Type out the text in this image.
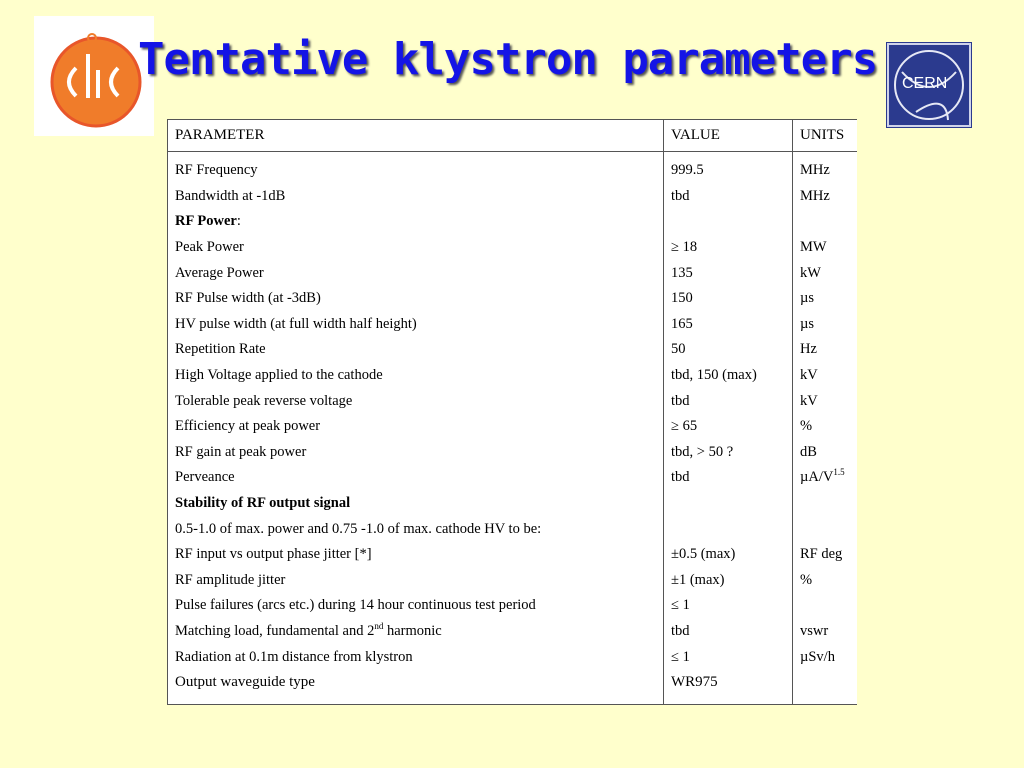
Tentative klystron parameters CERN
PARAMETER	VALUE	UNITS
RF Frequency	999.5	MHz
Bandwidth at -1dB	tbd	MHz
RF Power:		
Peak Power	≥ 18	MW
Average Power	135	kW
RF Pulse width (at -3dB)	150	µs
HV pulse width (at full width half height)	165	µs
Repetition Rate	50	Hz
High Voltage applied to the cathode	tbd, 150 (max)	kV
Tolerable peak reverse voltage	tbd	kV
Efficiency at peak power	≥ 65	%
RF gain at peak power	tbd, > 50 ?	dB
Perveance	tbd	$\mu A/V^{1.5}$
Stability of RF output signal		
0.5-1.0 of max. power and 0.75 -1.0 of max. cathode HV to be:		
RF input vs output phase jitter [*]	±0.5 (max)	RF deg
RF amplitude jitter	±1 (max)	%
Pulse failures (arcs etc.) during 14 hour continuous test period	≤ 1	
Matching load, fundamental and 2nd harmonic	tbd	vswr
Radiation at 0.1m distance from klystron	≤ 1	µSv/h
Output waveguide type	WR975	
